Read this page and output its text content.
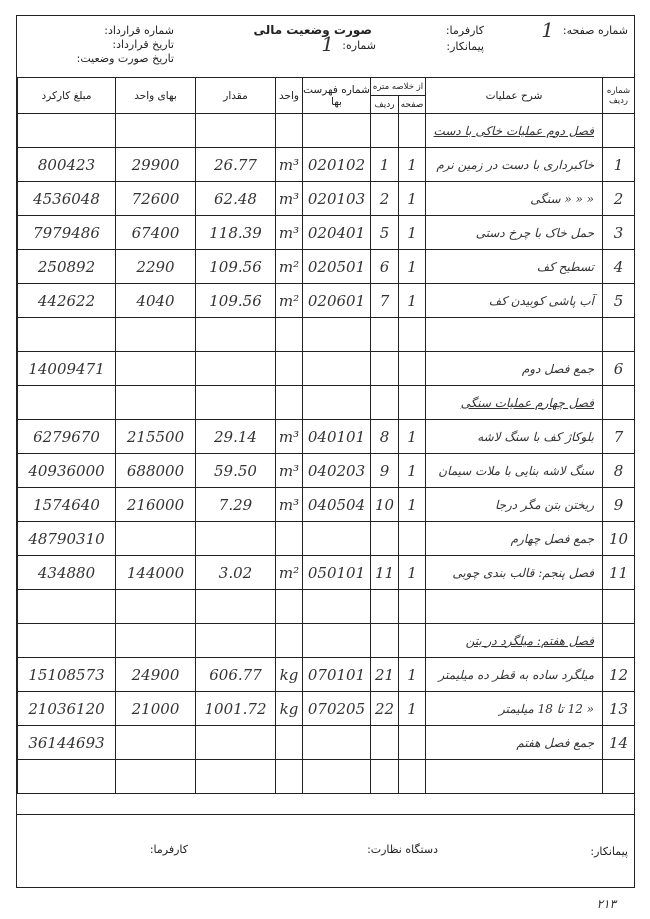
شماره صفحه:
1
کارفرما:
پیمانکار:
صورت وضعیت مالی
شماره:
1
شماره قرارداد:
تاریخ قرارداد:
تاریخ صورت وضعیت:
مبلغ کارکرد	بهای واحد	مقدار	واحد	شماره فهرست بها	از خلاصه متره		شرح عملیات	شماره ردیف
					ردیف	صفحه		
							فصل دوم عملیات خاکی با دست	
800423	29900	26.77	m³	020102	1	1	خاکبرداری با دست در زمین نرم	1
4536048	72600	62.48	m³	020103	2	1	« « « سنگی	2
7979486	67400	118.39	m³	020401	5	1	حمل خاک با چرخ دستی	3
250892	2290	109.56	m²	020501	6	1	تسطیح کف	4
442622	4040	109.56	m²	020601	7	1	آب پاشی کوبیدن کف	5

14009471							جمع فصل دوم	6
							فصل چهارم عملیات سنگی	
6279670	215500	29.14	m³	040101	8	1	بلوکاژ کف با سنگ لاشه	7
40936000	688000	59.50	m³	040203	9	1	سنگ لاشه بنایی با ملات سیمان	8
1574640	216000	7.29	m³	040504	10	1	ریختن بتن مگر درجا	9
48790310							جمع فصل چهارم	10
434880	144000	3.02	m²	050101	11	1	فصل پنجم: قالب بندی چوبی	11

							فصل هفتم: میلگرد در بتن	
15108573	24900	606.77	kg	070101	21	1	میلگرد ساده به قطر ده میلیمتر	12
21036120	21000	1001.72	kg	070205	22	1	« 12 تا 18 میلیمتر	13
36144693							جمع فصل هفتم	14

پیمانکار:
دستگاه نظارت:
کارفرما:
۲۱۳
